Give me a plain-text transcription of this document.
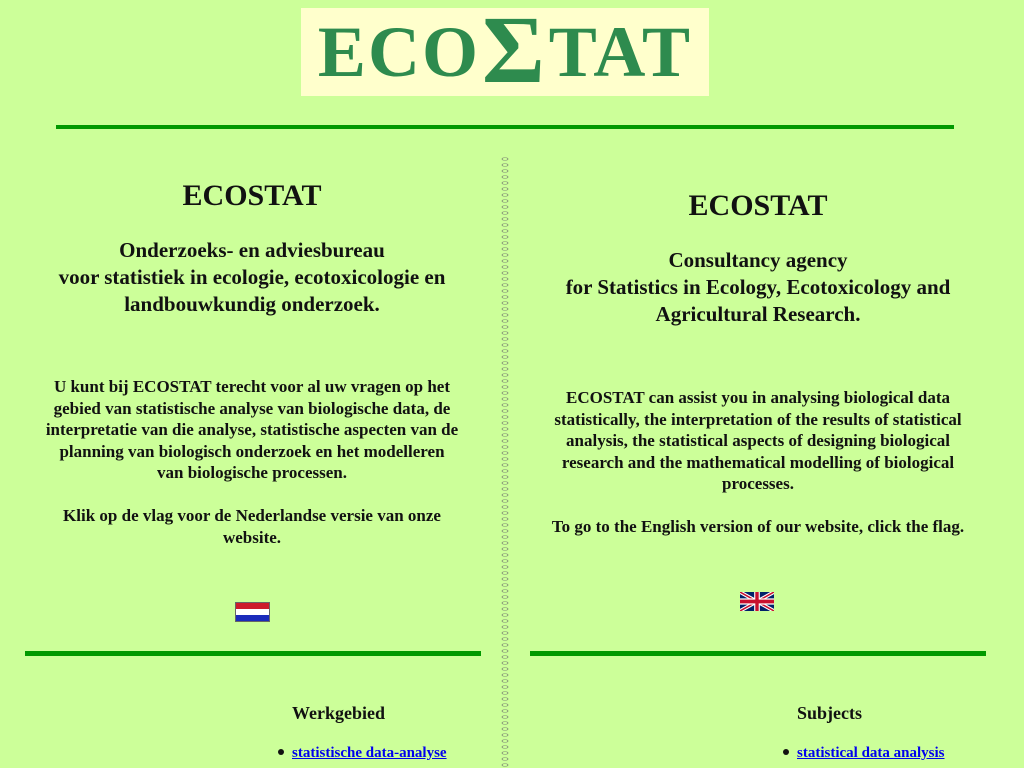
ECO Σ TAT
ECOSTAT
Onderzoeks- en adviesbureau
voor statistiek in ecologie, ecotoxicologie en
landbouwkundig onderzoek.
U kunt bij ECOSTAT terecht voor al uw vragen op het
gebied van statistische analyse van biologische data, de
interpretatie van die analyse, statistische aspecten van de
planning van biologisch onderzoek en het modelleren
van biologische processen.
Klik op de vlag voor de Nederlandse versie van onze
website.
Werkgebied
statistische data-analyse
ECOSTAT
Consultancy agency
for Statistics in Ecology, Ecotoxicology and
Agricultural Research.
ECOSTAT can assist you in analysing biological data
statistically, the interpretation of the results of statistical
analysis, the statistical aspects of designing biological
research and the mathematical modelling of biological
processes.
To go to the English version of our website, click the flag.
Subjects
statistical data analysis
